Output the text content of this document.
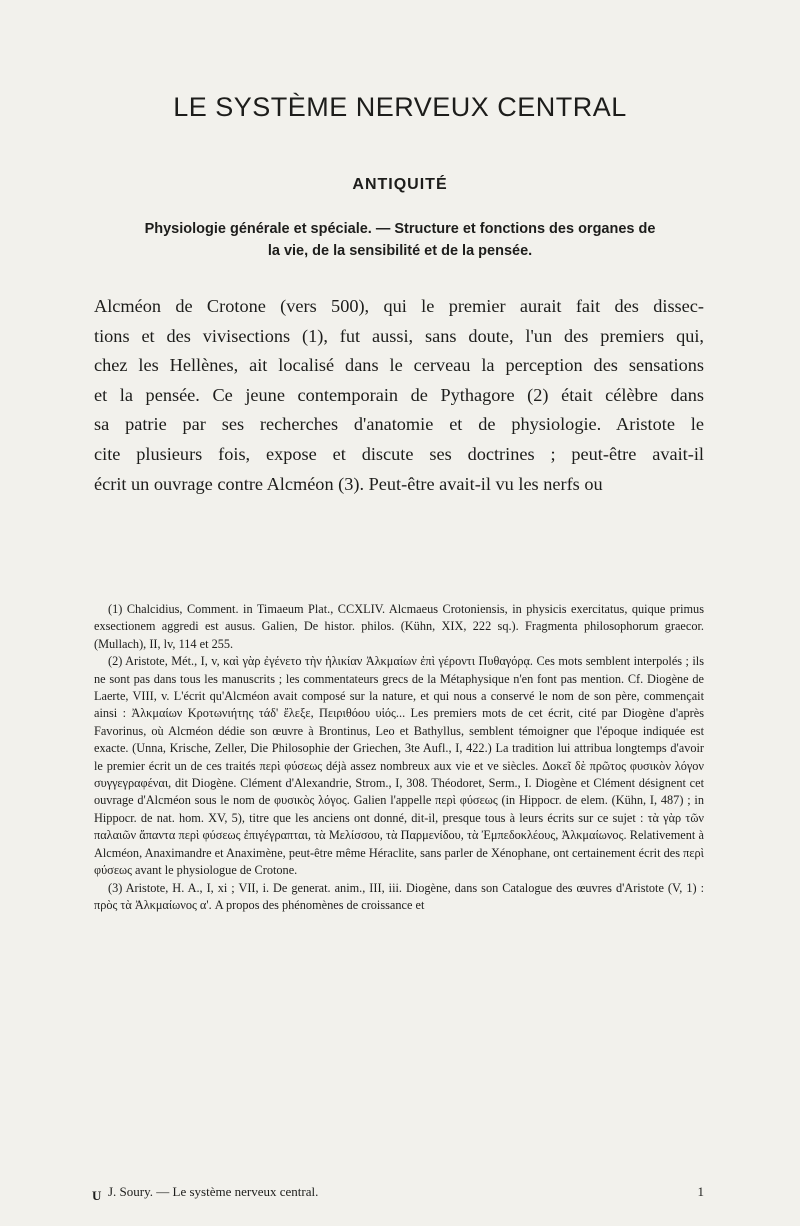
LE SYSTÈME NERVEUX CENTRAL
ANTIQUITÉ

Physiologie générale et spéciale. — Structure et fonctions des organes de la vie, de la sensibilité et de la pensée.

Alcméon de Crotone (vers 500), qui le premier aurait fait des dissec-
tions et des vivisections (1), fut aussi, sans doute, l'un des premiers qui,
chez les Hellènes, ait localisé dans le cerveau la perception des sensations
et la pensée. Ce jeune contemporain de Pythagore (2) était célèbre dans
sa patrie par ses recherches d'anatomie et de physiologie. Aristote le
cite plusieurs fois, expose et discute ses doctrines ; peut-être avait-il
écrit un ouvrage contre Alcméon (3). Peut-être avait-il vu les nerfs ou

(1) Chalcidius, Comment. in Timaeum Plat., CCXLIV. Alcmaeus Crotoniensis, in physicis exercitatus, quique primus exsectionem aggredi est ausus. Galien, De histor. philos. (Kühn, XIX, 222 sq.). Fragmenta philosophorum graecor. (Mullach), II, lv, 114 et 255.

(2) Aristote, Mét., I, v, καὶ γὰρ ἐγένετο τὴν ἡλικίαν Ἀλκμαίων ἐπὶ γέροντι Πυθαγόρᾳ. Ces mots semblent interpolés ; ils ne sont pas dans tous les manuscrits ; les commentateurs grecs de la Métaphysique n'en font pas mention. Cf. Diogène de Laerte, VIII, v. L'écrit qu'Alcméon avait composé sur la nature, et qui nous a conservé le nom de son père, commençait ainsi : Ἀλκμαίων Κροτωνιήτης τάδ' ἔλεξε, Πειριθόου υἱός... Les premiers mots de cet écrit, cité par Diogène d'après Favorinus, où Alcméon dédie son œuvre à Brontinus, Leo et Bathyllus, semblent témoigner que l'époque indiquée est exacte. (Unna, Krische, Zeller, Die Philosophie der Griechen, 3te Aufl., I, 422.) La tradition lui attribua longtemps d'avoir le premier écrit un de ces traités περὶ φύσεως déjà assez nombreux aux vie et ve siècles. Δοκεῖ δὲ πρῶτος φυσικὸν λόγον συγγεγραφέναι, dit Diogène. Clément d'Alexandrie, Strom., I, 308. Théodoret, Serm., I. Diogène et Clément désignent cet ouvrage d'Alcméon sous le nom de φυσικὸς λόγος. Galien l'appelle περὶ φύσεως (in Hippocr. de elem. (Kühn, I, 487) ; in Hippocr. de nat. hom. XV, 5), titre que les anciens ont donné, dit-il, presque tous à leurs écrits sur ce sujet : τὰ γὰρ τῶν παλαιῶν ἅπαντα περὶ φύσεως ἐπιγέγραπται, τὰ Μελίσσου, τὰ Παρμενίδου, τὰ Ἐμπεδοκλέους, Ἀλκμαίωνος. Relativement à Alcméon, Anaximandre et Anaximène, peut-être même Héraclite, sans parler de Xénophane, ont certainement écrit des περὶ φύσεως avant le physiologue de Crotone.

(3) Aristote, H. A., I, xi ; VII, i. De generat. anim., III, iii. Diogène, dans son Catalogue des œuvres d'Aristote (V, 1) : πρὸς τὰ Ἀλκμαίωνος α'. A propos des phénomènes de croissance et

U J. Soury. — Le système nerveux central.	1
